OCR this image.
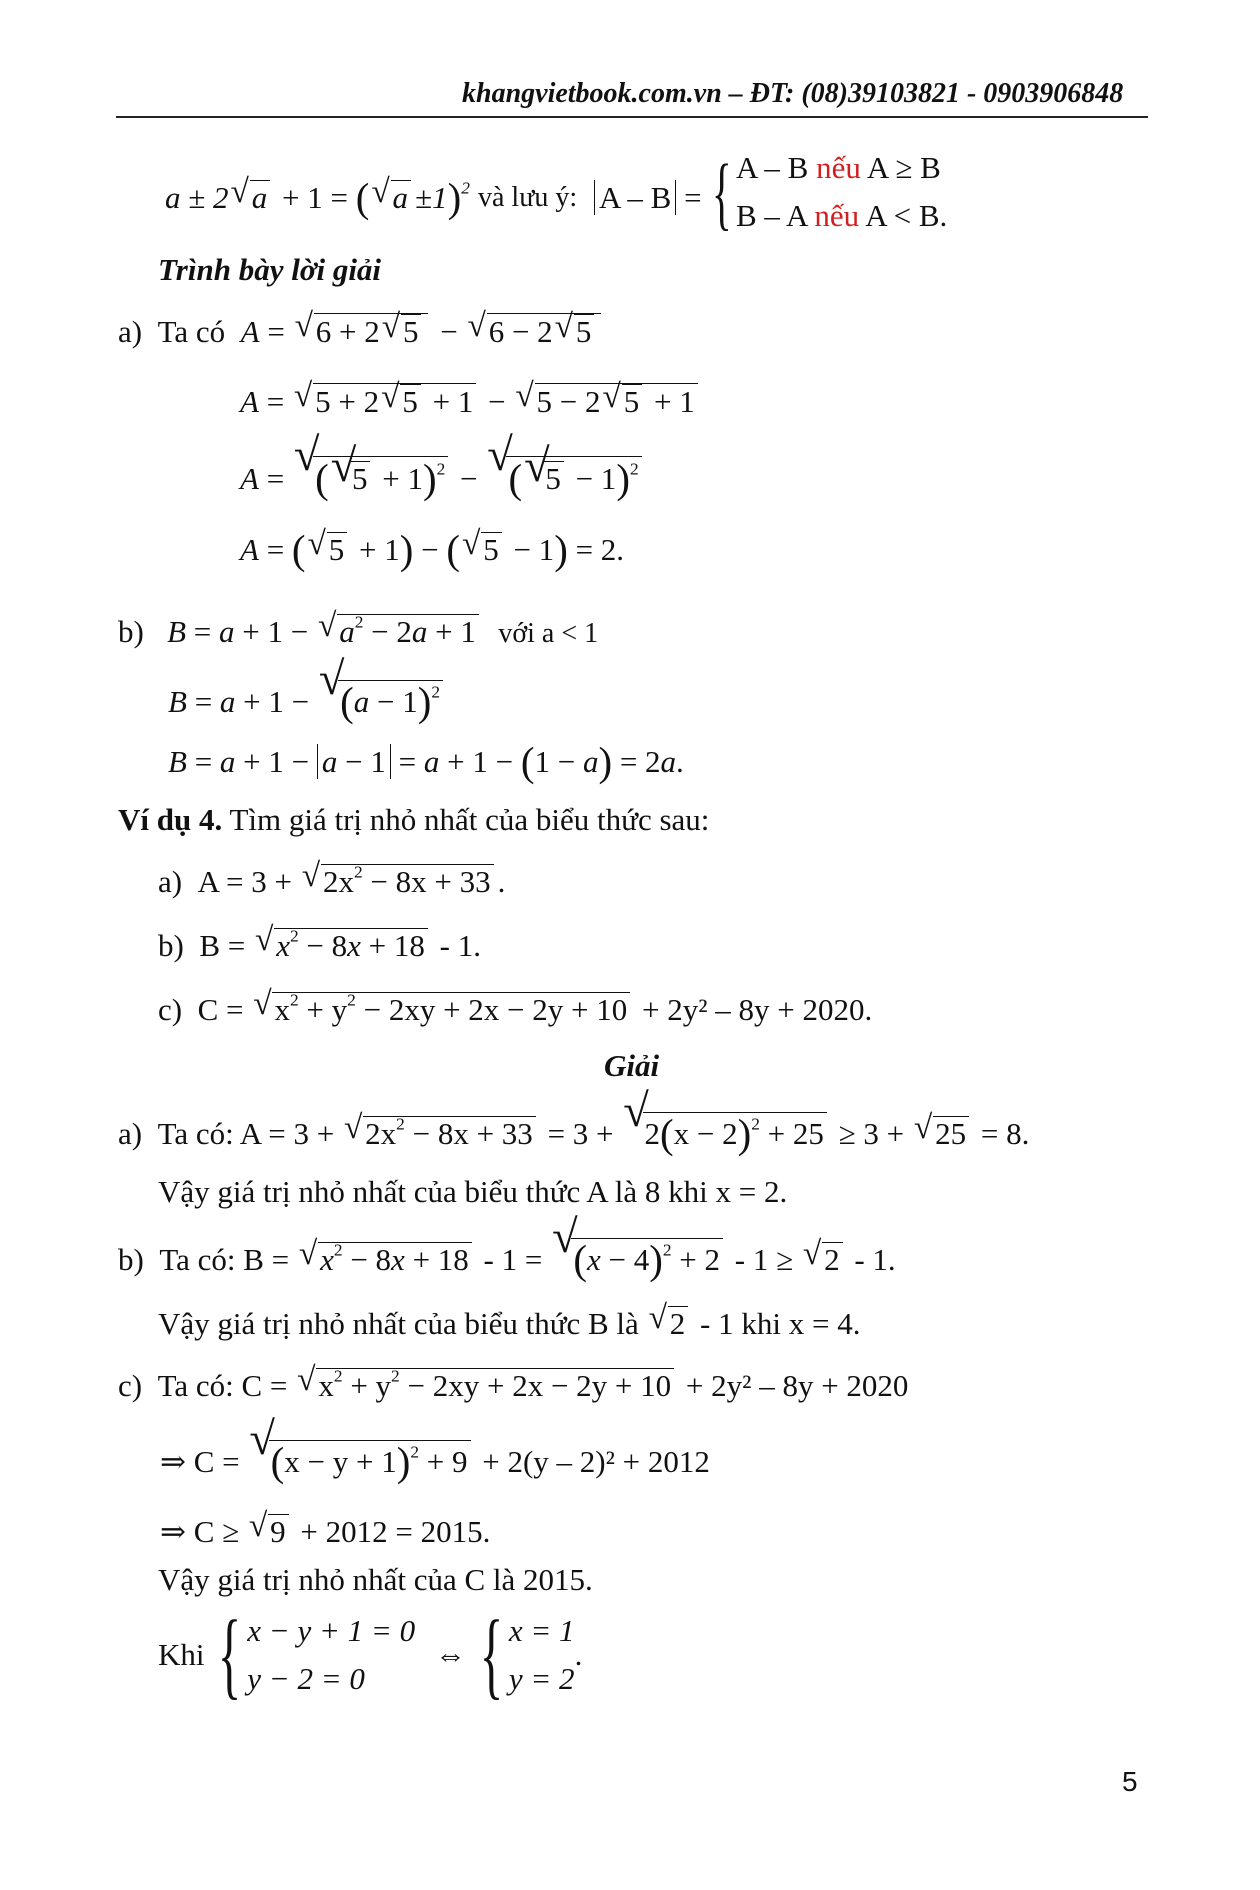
khangvietbook.com.vn – ĐT: (08)39103821 - 0903906848
a ± 2 √ a + 1 = ( √ a ±1)$^2$ và lưu ý: A – B = { A – B nếu A ≥ B
B – A nếu A < B.
Trình bày lời giải
a) Ta có A = √ 6 + 2 √ 5 − √ 6 − 2 √ 5
A = √ 5 + 2 √ 5 + 1 − √ 5 − 2 √ 5 + 1
A = √
( √
5 + 1)$^2$ − √
( √
5 − 1)$^2$
A = ( √ 5 + 1) − ( √ 5 − 1) = 2.
b) B = a + 1 − √ $a^2 - 2a + 1$ với a < 1
B = a + 1 − √
$(a - 1)^2$
B = a + 1 − a − 1 = a + 1 − (1 − a) = 2a.
Ví dụ 4. Tìm giá trị nhỏ nhất của biểu thức sau:
a) A = 3 + √ $2x^2 - 8x + 33$ .
b) B = √ $x^2 - 8x + 18 - 1$.
c) C = √ $x^2 + y^2 - 2xy + 2x - 2y + 10 + 2y^2 - 8y + 2020$.
Giải
a) Ta có: A = 3 + √ $2x^2 - 8x + 33 = 3$ + √
$2(x - 2)^2 + 25 \ge 3$ + √ 25 = 8.
Vậy giá trị nhỏ nhất của biểu thức A là 8 khi x = 2.
b) Ta có: B = √ $x^2 - 8x + 18 - 1$ = √
$(x - 4)^2 + 2 - 1$ ≥ √ 2 - 1.
Vậy giá trị nhỏ nhất của biểu thức B là √ 2 - 1 khi x = 4.
c) Ta có: C = √ $x^2 + y^2 - 2xy + 2x - 2y + 10 + 2y^2 - 8y + 2020$
⇒ C = √
$(x - y + 1)^2 + 9 + 2(y - 2)^2 + 2012$
⇒ C ≥ √ 9 + 2012 = 2015.
Vậy giá trị nhỏ nhất của C là 2015.
Khi { x − y + 1 = 0
y − 2 = 0
⇔ { x = 1
y = 2
.
5
